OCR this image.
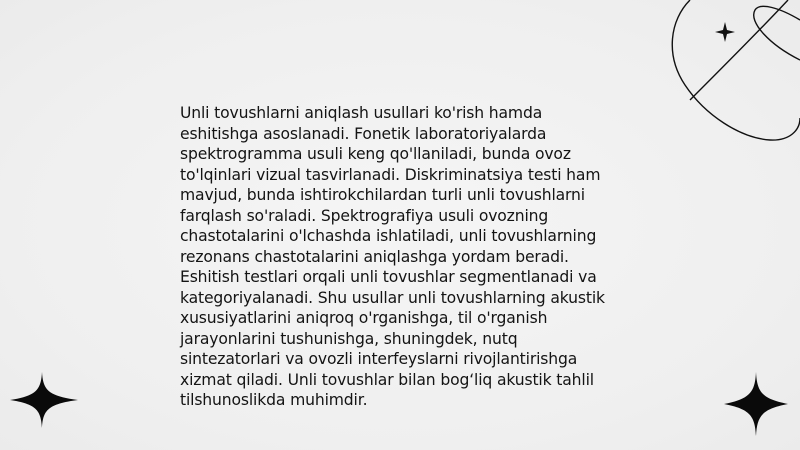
Unli tovushlarni aniqlash usullari ko'rish hamda eshitishga asoslanadi. Fonetik laboratoriyalarda spektrogramma usuli keng qo'llaniladi, bunda ovoz to'lqinlari vizual tasvirlanadi. Diskriminatsiya testi ham mavjud, bunda ishtirokchilardan turli unli tovushlarni farqlash so'raladi. Spektrografiya usuli ovozning chastotalarini o'lchashda ishlatiladi, unli tovushlarning rezonans chastotalarini aniqlashga yordam beradi. Eshitish testlari orqali unli tovushlar segmentlanadi va kategoriyalanadi. Shu usullar unli tovushlarning akustik xususiyatlarini aniqroq o'rganishga, til o'rganish jarayonlarini tushunishga, shuningdek, nutq sintezatorlari va ovozli interfeyslarni rivojlantirishga xizmat qiladi. Unli tovushlar bilan bog‘liq akustik tahlil tilshunoslikda muhimdir.
